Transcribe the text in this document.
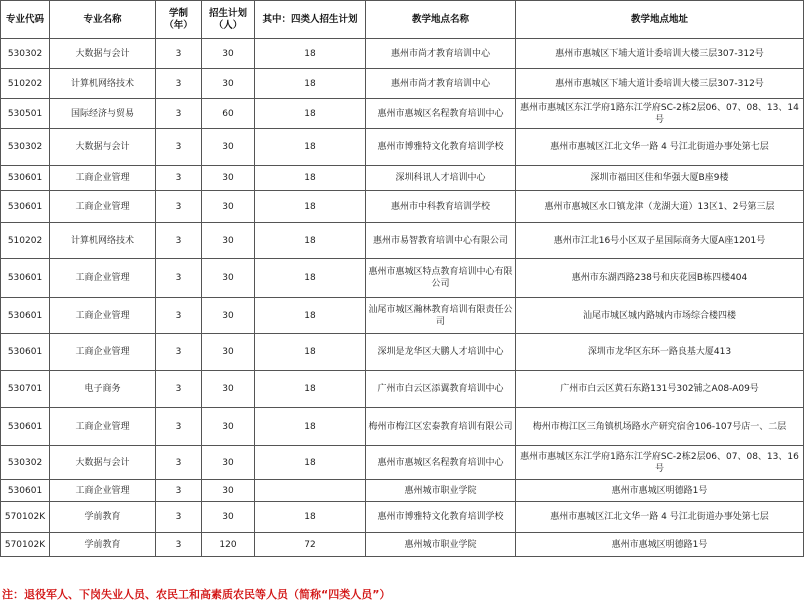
专业代码	专业名称	学制（年）	招生计划（人）	其中：四类人招生计划	教学地点名称	教学地点地址
530302	大数据与会计	3	30	18	惠州市尚才教育培训中心	惠州市惠城区下埔大道计委培训大楼三层307-312号
510202	计算机网络技术	3	30	18	惠州市尚才教育培训中心	惠州市惠城区下埔大道计委培训大楼三层307-312号
530501	国际经济与贸易	3	60	18	惠州市惠城区名程教育培训中心	惠州市惠城区东江学府1路东江学府SC-2栋2层06、07、08、13、14号
530302	大数据与会计	3	30	18	惠州市博雅特文化教育培训学校	惠州市惠城区江北文华一路 4 号江北街道办事处第七层
530601	工商企业管理	3	30	18	深圳科讯人才培训中心	深圳市福田区佳和华强大厦B座9楼
530601	工商企业管理	3	30	18	惠州市中科教育培训学校	惠州市惠城区水口镇龙津（龙湖大道）13区1、2号第三层
510202	计算机网络技术	3	30	18	惠州市易智教育培训中心有限公司	惠州市江北16号小区双子星国际商务大厦A座1201号
530601	工商企业管理	3	30	18	惠州市惠城区特点教育培训中心有限公司	惠州市东湖西路238号和庆花园B栋四楼404
530601	工商企业管理	3	30	18	汕尾市城区瀚林教育培训有限责任公司	汕尾市城区城内路城内市场综合楼四楼
530601	工商企业管理	3	30	18	深圳是龙华区大鹏人才培训中心	深圳市龙华区东环一路良基大厦413
530701	电子商务	3	30	18	广州市白云区添翼教育培训中心	广州市白云区黄石东路131号302铺之A08-A09号
530601	工商企业管理	3	30	18	梅州市梅江区宏泰教育培训有限公司	梅州市梅江区三角镇机场路水产研究宿舍106-107号店一、二层
530302	大数据与会计	3	30	18	惠州市惠城区名程教育培训中心	惠州市惠城区东江学府1路东江学府SC-2栋2层06、07、08、13、16号
530601	工商企业管理	3	30		惠州城市职业学院	惠州市惠城区明德路1号
570102K	学前教育	3	30	18	惠州市博雅特文化教育培训学校	惠州市惠城区江北文华一路 4 号江北街道办事处第七层
570102K	学前教育	3	120	72	惠州城市职业学院	惠州市惠城区明德路1号
注：退役军人、下岗失业人员、农民工和高素质农民等人员（简称“四类人员”）
